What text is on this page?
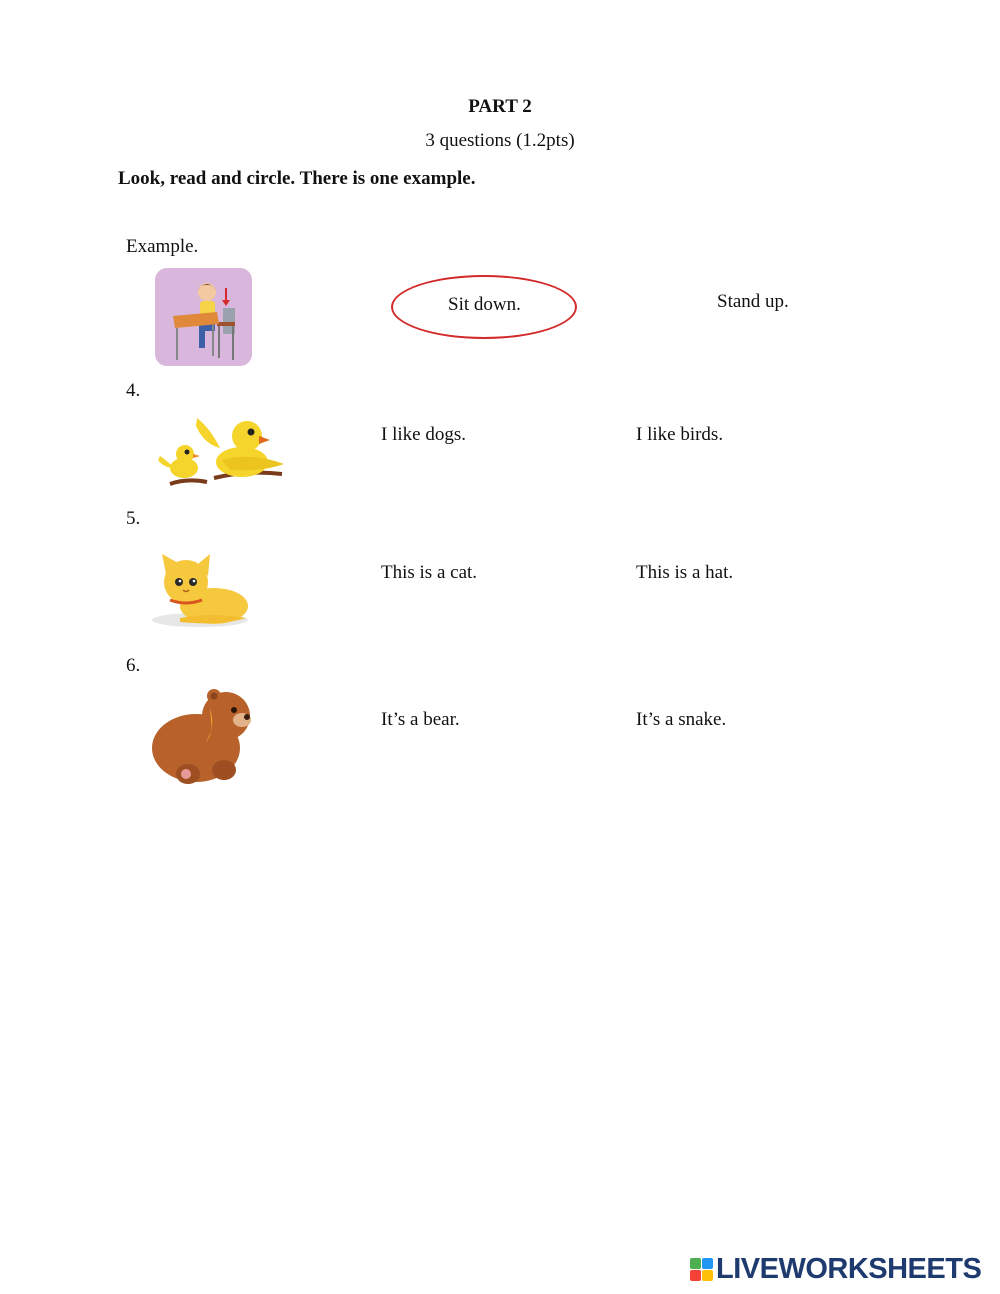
PART 2
3 questions (1.2pts)
Look, read and circle. There is one example.
Example.
Sit down.	Stand up.
4.
I like dogs.	I like birds.
5.
This is a cat.	This is a hat.
6.
It’s a bear.	It’s a snake.
LIVEWORKSHEETS
